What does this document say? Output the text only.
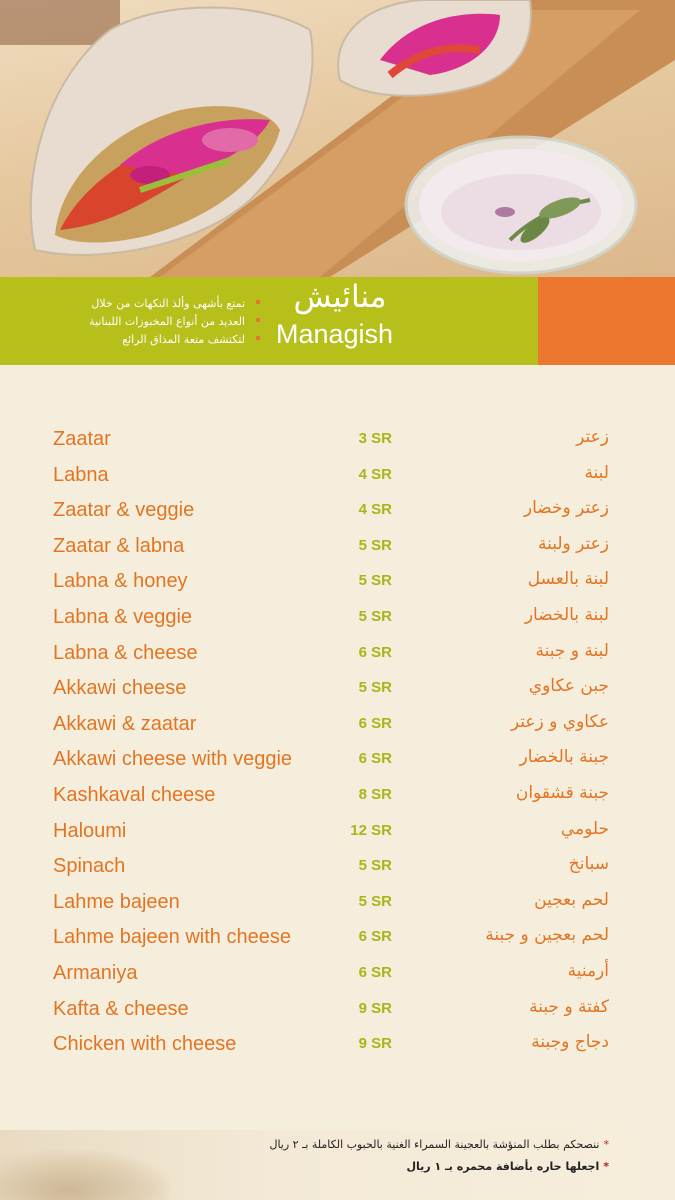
منائيش
Managish
تمتع بأشهى وألذ النكهات من خلال
العديد من أنواع المخبوزات اللبنانية
لتكتشف متعة المذاق الرائع
Zaatar	3 SR	زعتر
Labna	4 SR	لبنة
Zaatar & veggie	4 SR	زعتر وخضار
Zaatar & labna	5 SR	زعتر ولبنة
Labna & honey	5 SR	لبنة بالعسل
Labna & veggie	5 SR	لبنة بالخضار
Labna & cheese	6 SR	لبنة و جبنة
Akkawi cheese	5 SR	جبن عكاوي
Akkawi & zaatar	6 SR	عكاوي و زعتر
Akkawi cheese with veggie	6 SR	جبنة بالخضار
Kashkaval cheese	8 SR	جبنة قشقوان
Haloumi	12 SR	حلومي
Spinach	5 SR	سبانخ
Lahme bajeen	5 SR	لحم بعجين
Lahme bajeen with cheese	6 SR	لحم بعجين و جبنة
Armaniya	6 SR	أرمنية
Kafta & cheese	9 SR	كفتة و جبنة
Chicken with cheese	9 SR	دجاج وجبنة
*ننصحكم بطلب المنؤشة بالعجينة السمراء الغنية بالحبوب الكاملة بـ ٢ ريال
*اجعلها حاره بأضافة محمره بـ ١ ريال
